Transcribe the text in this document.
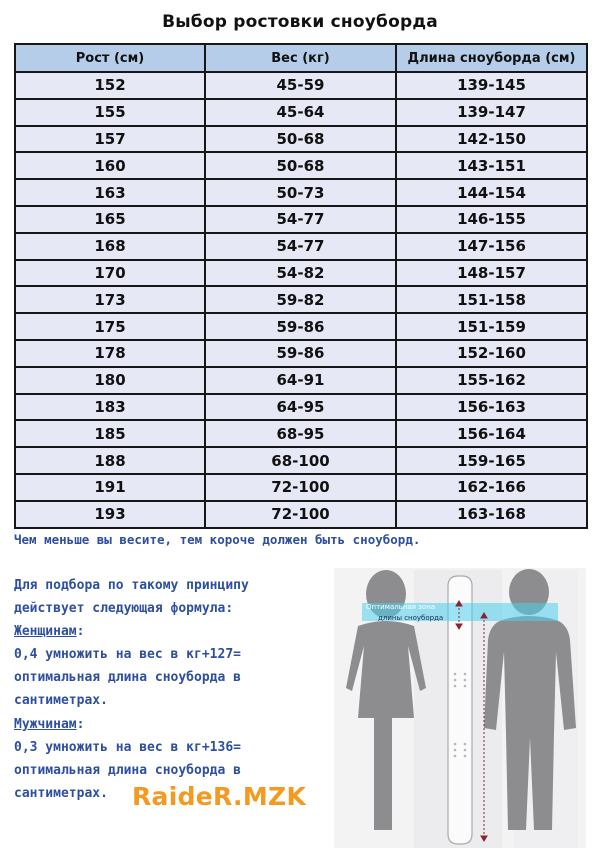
Выбор ростовки сноуборда
Рост (см)	Вес (кг)	Длина сноуборда (см)
152	45-59	139-145
155	45-64	139-147
157	50-68	142-150
160	50-68	143-151
163	50-73	144-154
165	54-77	146-155
168	54-77	147-156
170	54-82	148-157
173	59-82	151-158
175	59-86	151-159
178	59-86	152-160
180	64-91	155-162
183	64-95	156-163
185	68-95	156-164
188	68-100	159-165
191	72-100	162-166
193	72-100	163-168
Чем меньше вы весите, тем короче должен быть сноуборд.
Для подбора по такому принципу
действует следующая формула:
Женщинам:
0,4 умножить на вес в кг+127=
оптимальная длина сноуборда в
сантиметрах.
Мужчинам:
0,3 умножить на вес в кг+136=
оптимальная длина сноуборда в
сантиметрах.
Оптимальная зона
длины сноуборда
RaideR.MZK
